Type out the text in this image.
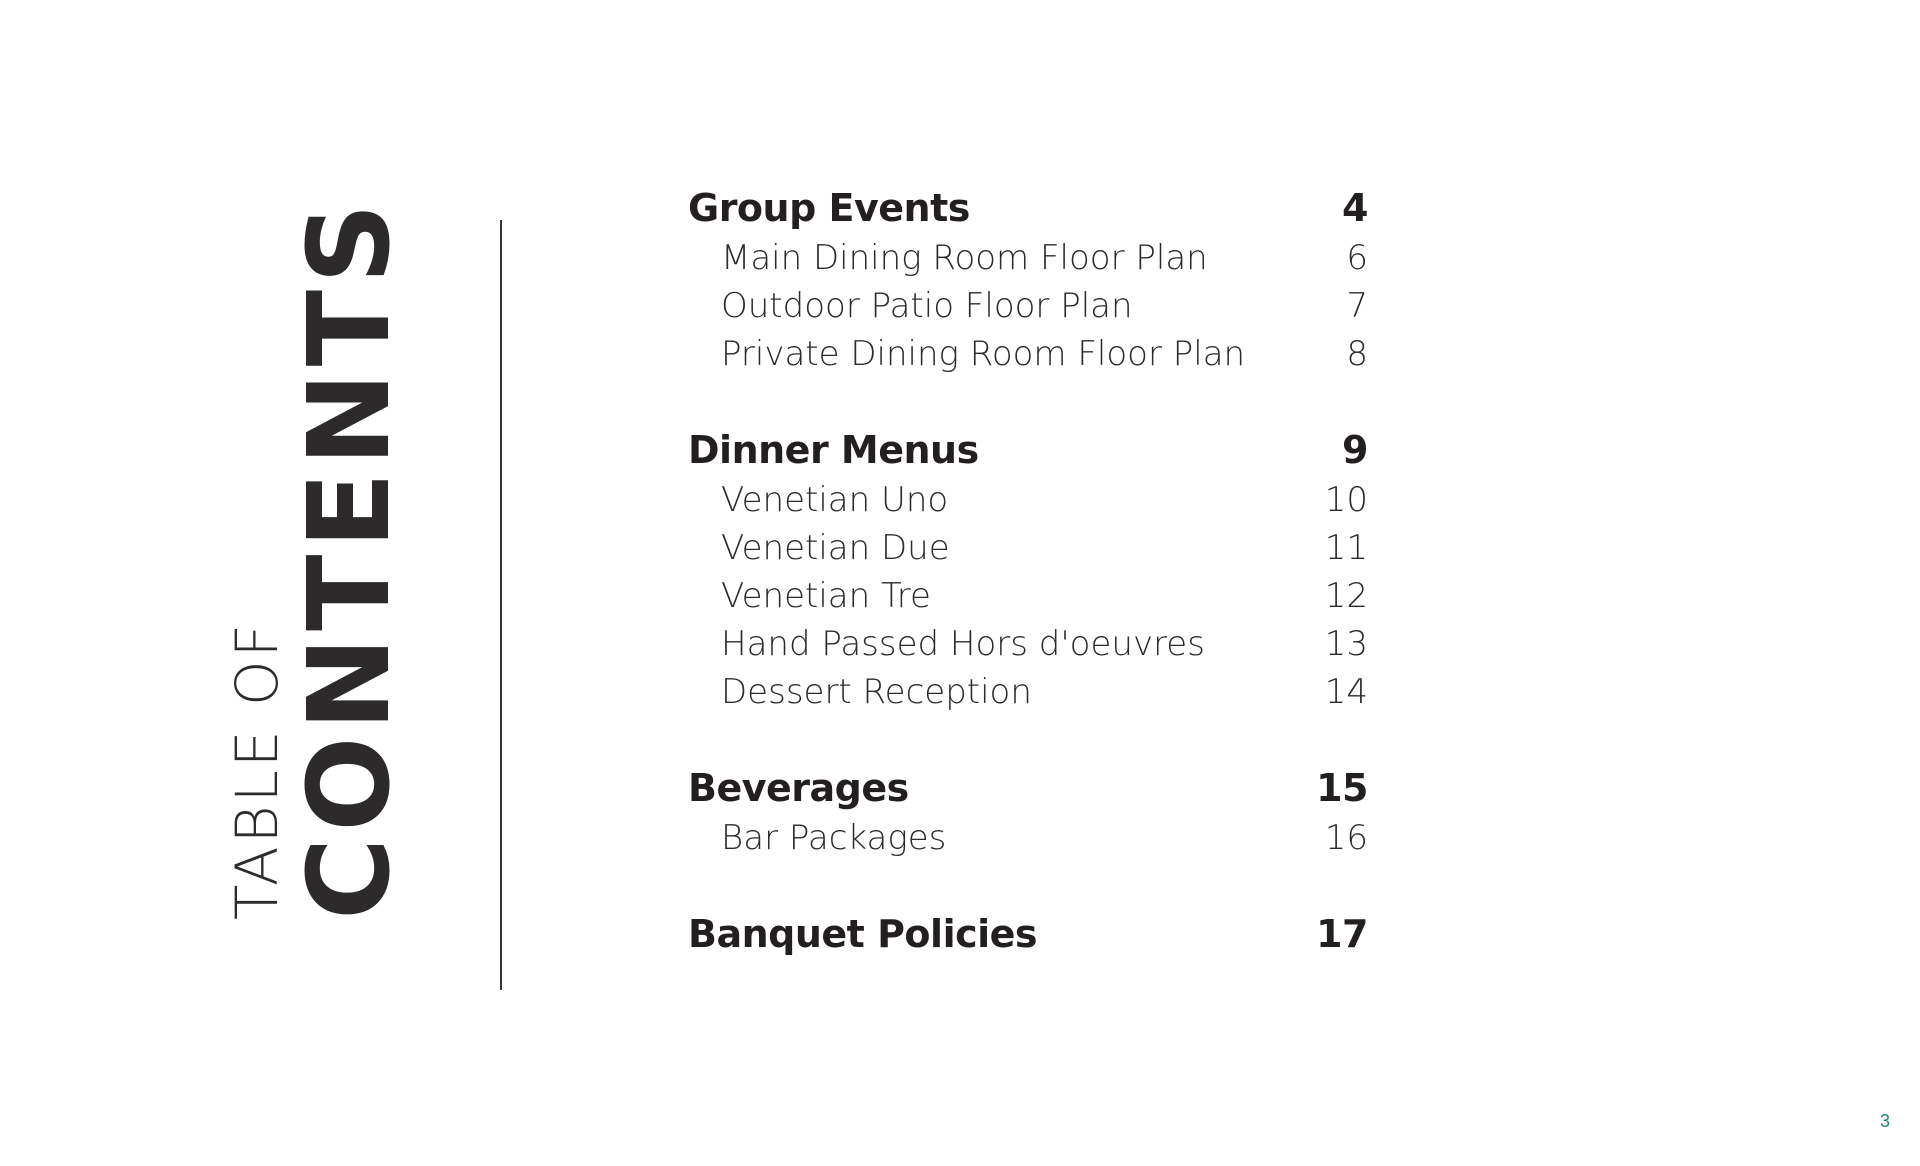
TABLE OF
CONTENTS	Group Events	4
Main Dining Room Floor Plan	6
Outdoor Patio Floor Plan	7
Private Dining Room Floor Plan	8
Dinner Menus	9
Venetian Uno	10
Venetian Due	11
Venetian Tre	12
Hand Passed Hors d'oeuvres	13
Dessert Reception	14
Beverages	15
Bar Packages	16
Banquet Policies	17
3
